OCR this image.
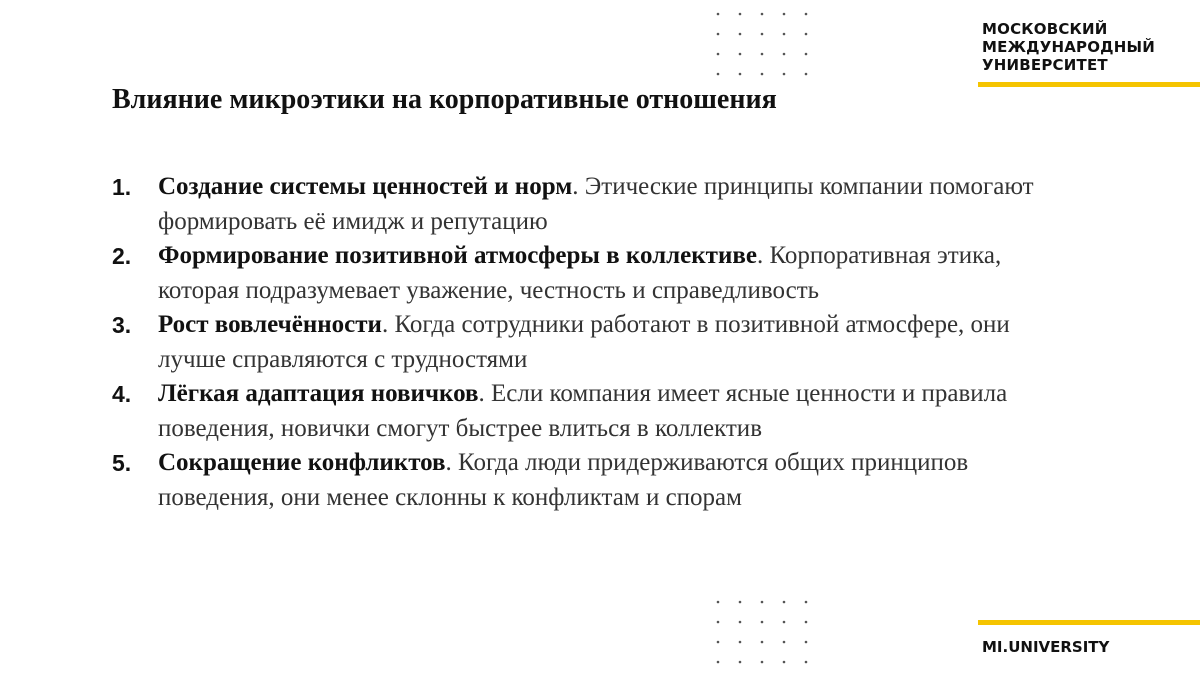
МОСКОВСКИЙ
МЕЖДУНАРОДНЫЙ
УНИВЕРСИТЕТ
Влияние микроэтики на корпоративные отношения
1. Создание системы ценностей и норм. Этические принципы компании помогают формировать её имидж и репутацию
2. Формирование позитивной атмосферы в коллективе. Корпоративная этика, которая подразумевает уважение, честность и справедливость
3. Рост вовлечённости. Когда сотрудники работают в позитивной атмосфере, они лучше справляются с трудностями
4. Лёгкая адаптация новичков. Если компания имеет ясные ценности и правила поведения, новички смогут быстрее влиться в коллектив
5. Сокращение конфликтов. Когда люди придерживаются общих принципов поведения, они менее склонны к конфликтам и спорам
MI.UNIVERSITY
